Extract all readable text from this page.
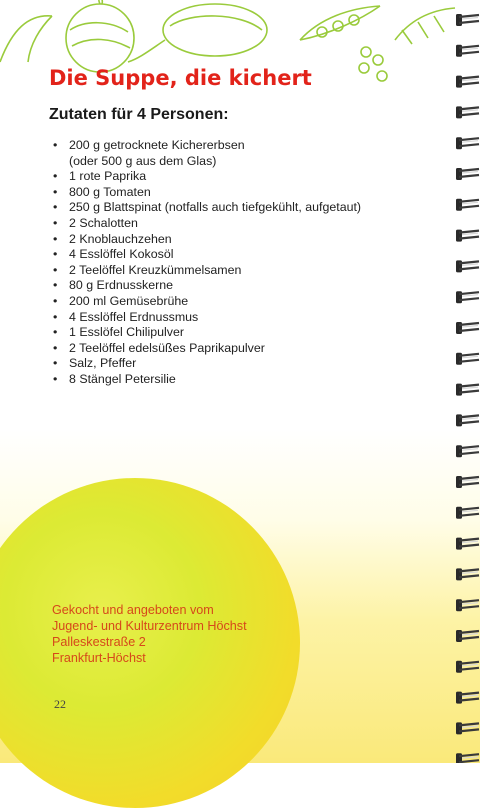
Die Suppe, die kichert
Zutaten für 4 Personen:
• 200 g getrocknete Kichererbsen
(oder 500 g aus dem Glas)
• 1 rote Paprika
• 800 g Tomaten
• 250 g Blattspinat (notfalls auch tiefgekühlt, aufgetaut)
• 2 Schalotten
• 2 Knoblauchzehen
• 4 Esslöffel Kokosöl
• 2 Teelöffel Kreuzkümmelsamen
• 80 g Erdnusskerne
• 200 ml Gemüsebrühe
• 4 Esslöffel Erdnussmus
• 1 Esslöfel Chilipulver
• 2 Teelöffel edelsüßes Paprikapulver
• Salz, Pfeffer
• 8 Stängel Petersilie
Gekocht und angeboten vom
Jugend- und Kulturzentrum Höchst
Palleskestraße 2
Frankfurt-Höchst
22
